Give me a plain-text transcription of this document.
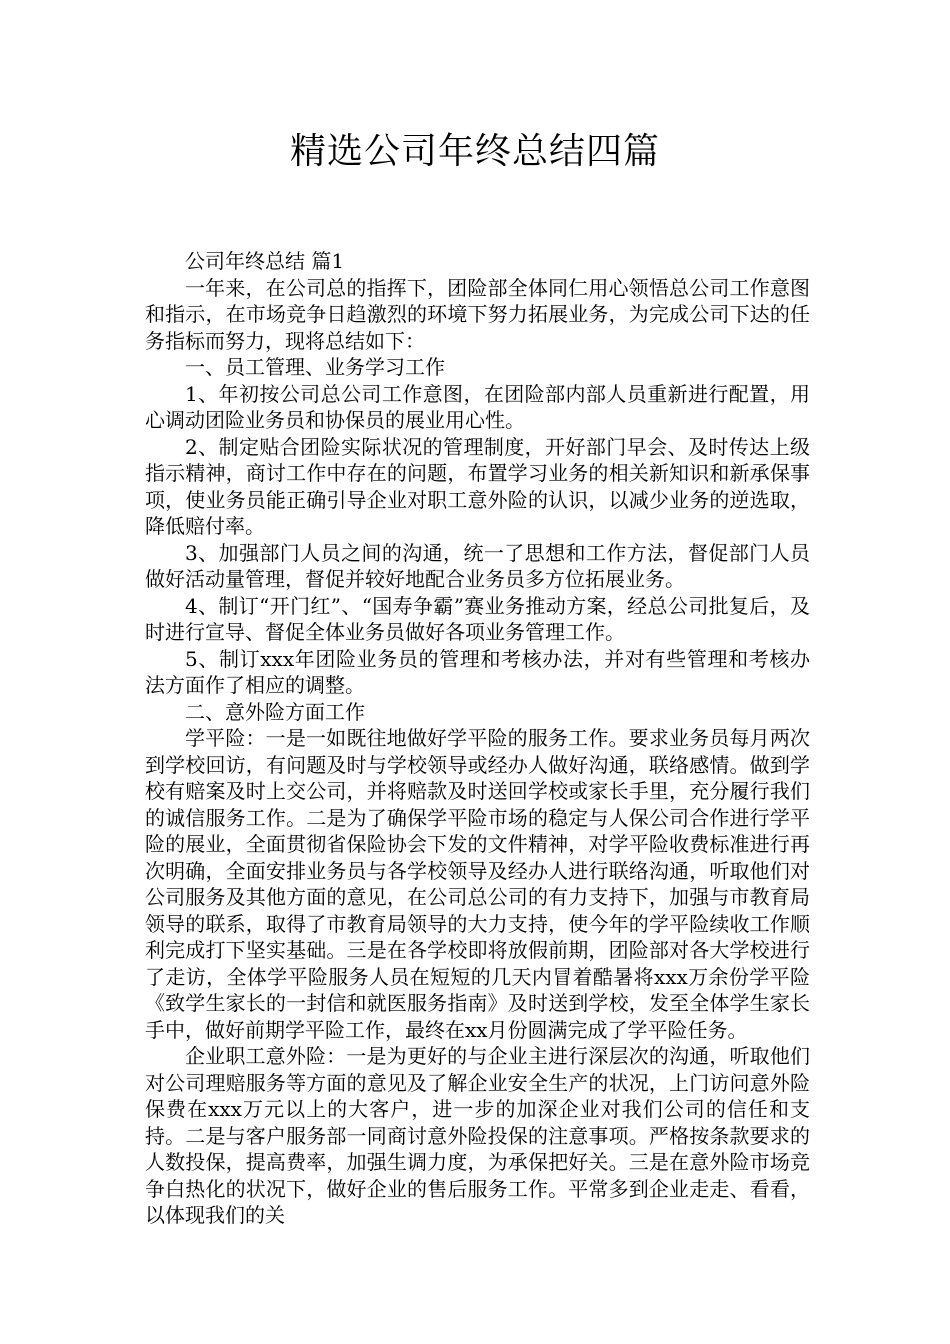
精选公司年终总结四篇

公司年终总结 篇1

一年来，在公司总的指挥下，团险部全体同仁用心领悟总公司工作意图和指示，在市场竞争日趋激烈的环境下努力拓展业务，为完成公司下达的任务指标而努力，现将总结如下：

一、员工管理、业务学习工作

1、年初按公司总公司工作意图，在团险部内部人员重新进行配置，用心调动团险业务员和协保员的展业用心性。

2、制定贴合团险实际状况的管理制度，开好部门早会、及时传达上级指示精神，商讨工作中存在的问题，布置学习业务的相关新知识和新承保事项，使业务员能正确引导企业对职工意外险的认识，以减少业务的逆选取，降低赔付率。

3、加强部门人员之间的沟通，统一了思想和工作方法，督促部门人员做好活动量管理，督促并较好地配合业务员多方位拓展业务。

4、制订“开门红”、“国寿争霸”赛业务推动方案，经总公司批复后，及时进行宣导、督促全体业务员做好各项业务管理工作。

5、制订xxx年团险业务员的管理和考核办法，并对有些管理和考核办法方面作了相应的调整。

二、意外险方面工作

学平险：一是一如既往地做好学平险的服务工作。要求业务员每月两次到学校回访，有问题及时与学校领导或经办人做好沟通，联络感情。做到学校有赔案及时上交公司，并将赔款及时送回学校或家长手里，充分履行我们的诚信服务工作。二是为了确保学平险市场的稳定与人保公司合作进行学平险的展业，全面贯彻省保险协会下发的文件精神，对学平险收费标准进行再次明确，全面安排业务员与各学校领导及经办人进行联络沟通，听取他们对公司服务及其他方面的意见，在公司总公司的有力支持下，加强与市教育局领导的联系，取得了市教育局领导的大力支持，使今年的学平险续收工作顺利完成打下坚实基础。三是在各学校即将放假前期，团险部对各大学校进行了走访，全体学平险服务人员在短短的几天内冒着酷暑将xxx万余份学平险《致学生家长的一封信和就医服务指南》及时送到学校，发至全体学生家长手中，做好前期学平险工作，最终在xx月份圆满完成了学平险任务。

企业职工意外险：一是为更好的与企业主进行深层次的沟通，听取他们对公司理赔服务等方面的意见及了解企业安全生产的状况，上门访问意外险保费在xxx万元以上的大客户，进一步的加深企业对我们公司的信任和支持。二是与客户服务部一同商讨意外险投保的注意事项。严格按条款要求的人数投保，提高费率，加强生调力度，为承保把好关。三是在意外险市场竞争白热化的状况下，做好企业的售后服务工作。平常多到企业走走、看看，以体现我们的关
